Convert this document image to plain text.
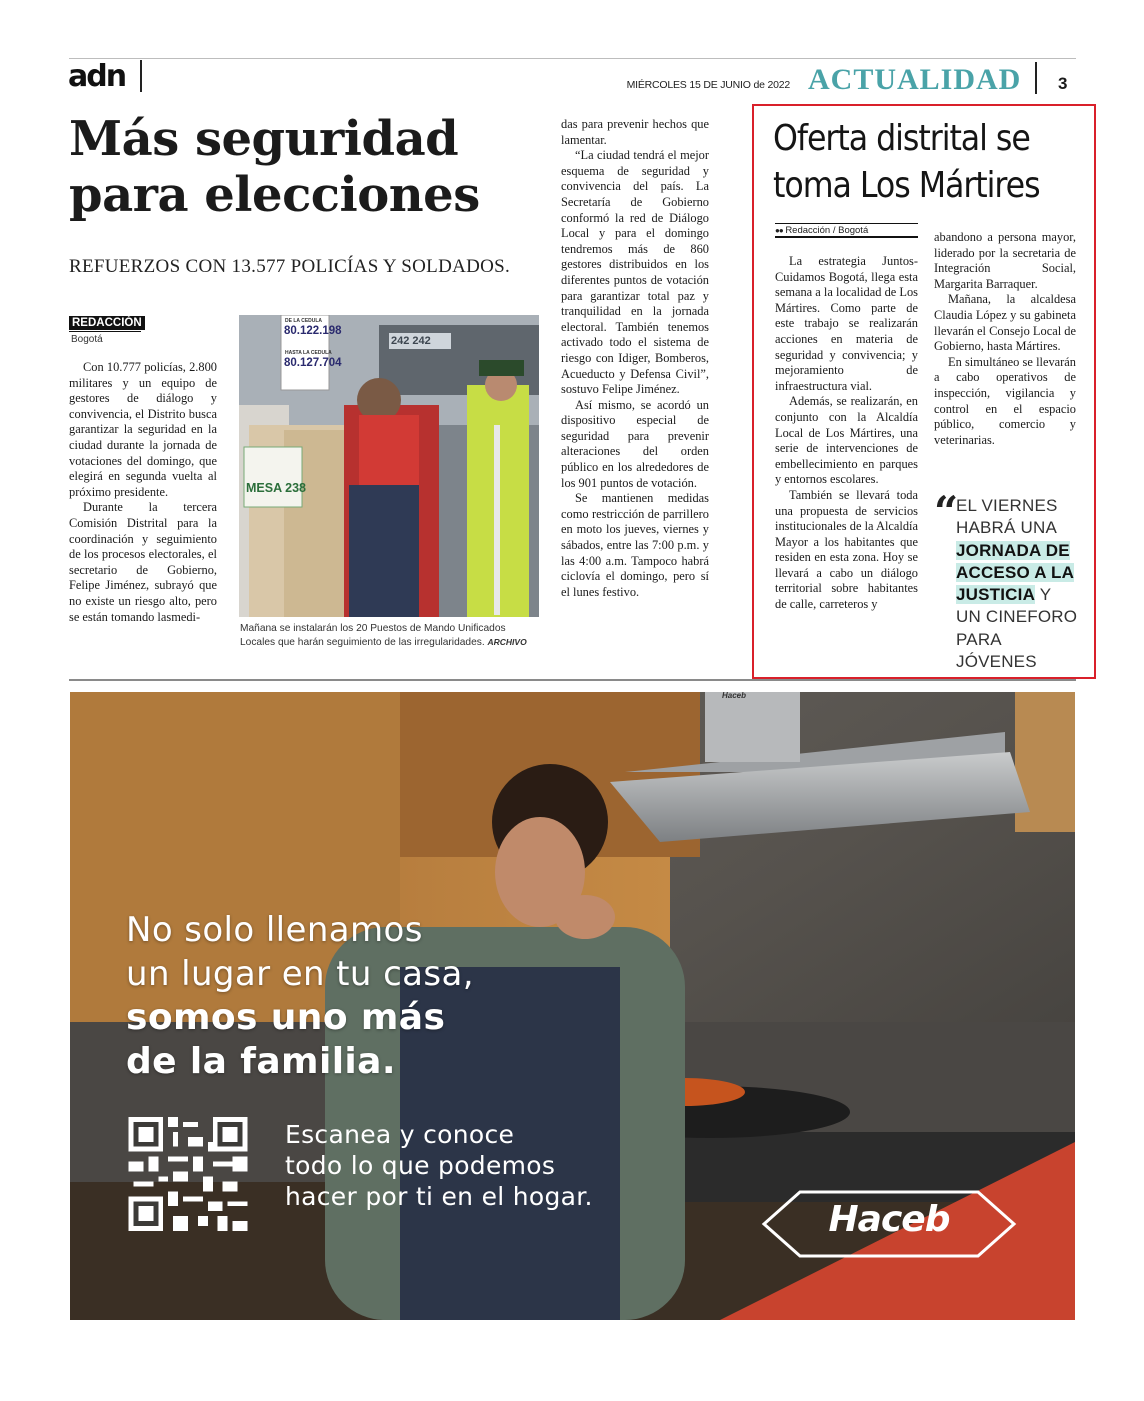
adn	MIÉRCOLES 15 DE JUNIO de 2022 ACTUALIDAD 3
Más seguridad
para elecciones
REFUERZOS CON 13.577 POLICÍAS Y SOLDADOS.
REDACCIÓN
Bogotá

Con 10.777 policías, 2.800 militares y un equipo de gestores de diálogo y convivencia, el Distrito busca garantizar la seguridad en la ciudad durante la jornada de votaciones del domingo, que elegirá en segunda vuelta al próximo presidente.

Durante la tercera Comisión Distrital para la coordinación y seguimiento de los procesos electorales, el secretario de Gobierno, Felipe Jiménez, subrayó que no existe un riesgo alto, pero se están tomando lasmedi-

DE LA CEDULA
80.122.198
HASTA LA CEDULA
80.127.704
MESA 238
242 242
Mañana se instalarán los 20 Puestos de Mando Unificados Locales que harán seguimiento de las irregularidades. ARCHIVO

das para prevenir hechos que lamentar.

“La ciudad tendrá el mejor esquema de seguridad y convivencia del país. La Secretaría de Gobierno conformó la red de Diálogo Local y para el domingo tendremos más de 860 gestores distribuidos en los diferentes puntos de votación para garantizar total paz y tranquilidad en la jornada electoral. También tenemos activado todo el sistema de riesgo con Idiger, Bomberos, Acueducto y Defensa Civil”, sostuvo Felipe Jiménez.

Así mismo, se acordó un dispositivo especial de seguridad para prevenir alteraciones del orden público en los alrededores de los 901 puntos de votación.

Se mantienen medidas como restricción de parrillero en moto los jueves, viernes y sábados, entre las 7:00 p.m. y las 4:00 a.m. Tampoco habrá ciclovía el domingo, pero sí el lunes festivo.

Oferta distrital se
toma Los Mártires
●● Redacción / Bogotá

La estrategia Juntos-Cuidamos Bogotá, llega esta semana a la localidad de Los Mártires. Como parte de este trabajo se realizarán acciones en materia de seguridad y convivencia; y mejoramiento de infraestructura vial.

Además, se realizarán, en conjunto con la Alcaldía Local de Los Mártires, una serie de intervenciones de embellecimiento en parques y entornos escolares.

También se llevará toda una propuesta de servicios institucionales de la Alcaldía Mayor a los habitantes que residen en esta zona. Hoy se llevará a cabo un diálogo territorial sobre habitantes de calle, carreteros y

abandono a persona mayor, liderado por la secretaria de Integración Social, Margarita Barraquer.

Mañana, la alcaldesa Claudia López y su gabineta llevarán el Consejo Local de Gobierno, hasta Mártires.

En simultáneo se llevarán a cabo operativos de inspección, vigilancia y control en el espacio público, comercio y veterinarias.

“
EL VIERNES HABRÁ UNA JORNADA DE ACCESO A LA JUSTICIA Y UN CINEFORO PARA JÓVENES
No solo llenamos
un lugar en tu casa,
somos uno más
de la familia.
Escanea y conoce
todo lo que podemos
hacer por ti en el hogar.
Haceb
Haceb
